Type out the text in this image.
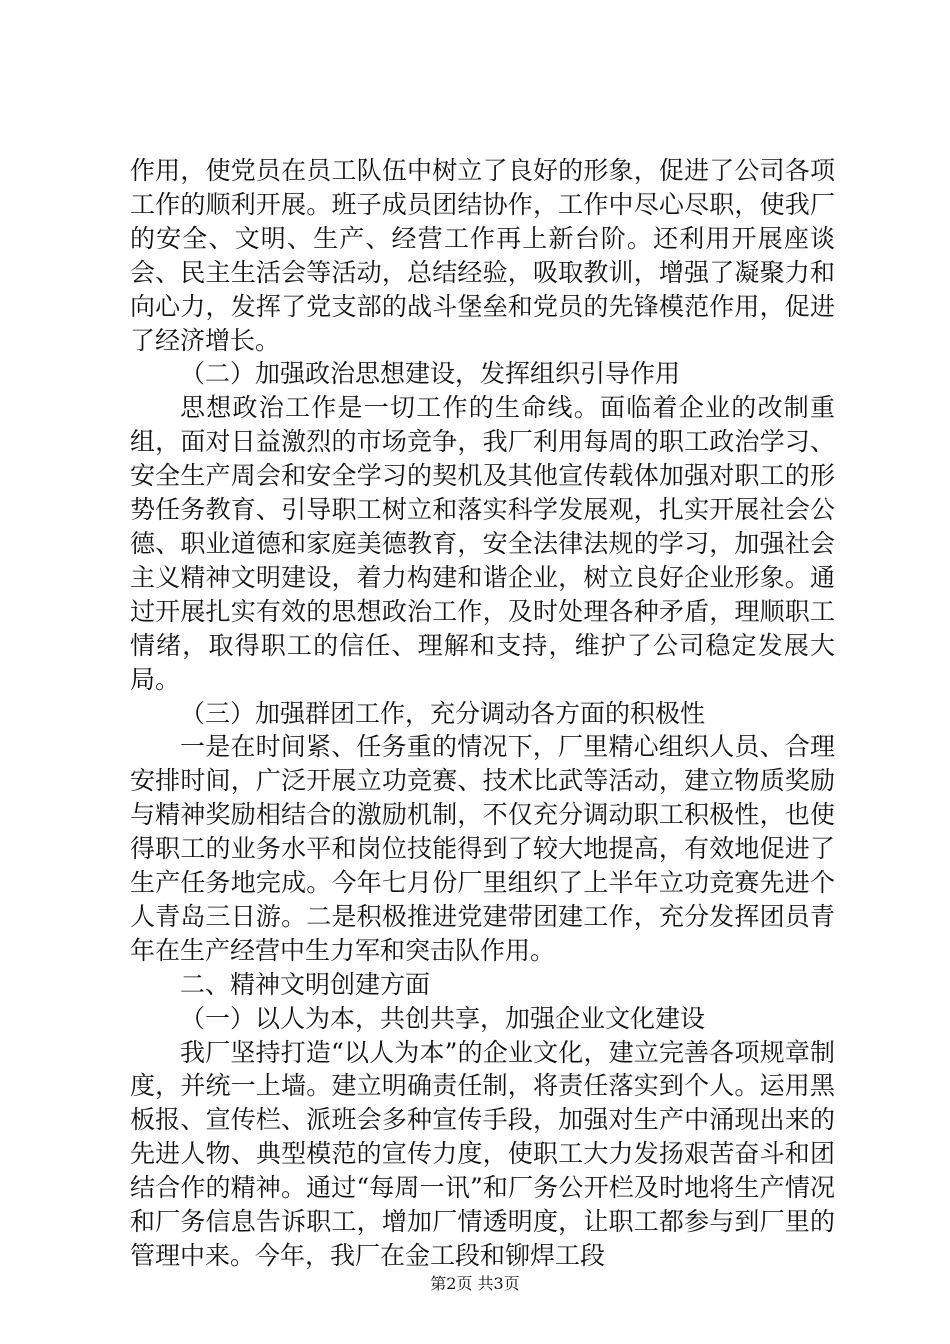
作用，使党员在员工队伍中树立了良好的形象，促进了公司各项工作的顺利开展。班子成员团结协作，工作中尽心尽职，使我厂的安全、文明、生产、经营工作再上新台阶。还利用开展座谈会、民主生活会等活动，总结经验，吸取教训，增强了凝聚力和向心力，发挥了党支部的战斗堡垒和党员的先锋模范作用，促进了经济增长。

（二）加强政治思想建设，发挥组织引导作用

思想政治工作是一切工作的生命线。面临着企业的改制重组，面对日益激烈的市场竞争，我厂利用每周的职工政治学习、安全生产周会和安全学习的契机及其他宣传载体加强对职工的形势任务教育、引导职工树立和落实科学发展观，扎实开展社会公德、职业道德和家庭美德教育，安全法律法规的学习，加强社会主义精神文明建设，着力构建和谐企业，树立良好企业形象。通过开展扎实有效的思想政治工作，及时处理各种矛盾，理顺职工情绪，取得职工的信任、理解和支持，维护了公司稳定发展大局。

（三）加强群团工作，充分调动各方面的积极性

一是在时间紧、任务重的情况下，厂里精心组织人员、合理安排时间，广泛开展立功竞赛、技术比武等活动，建立物质奖励与精神奖励相结合的激励机制，不仅充分调动职工积极性，也使得职工的业务水平和岗位技能得到了较大地提高，有效地促进了生产任务地完成。今年七月份厂里组织了上半年立功竞赛先进个人青岛三日游。二是积极推进党建带团建工作，充分发挥团员青年在生产经营中生力军和突击队作用。

二、精神文明创建方面

（一）以人为本，共创共享，加强企业文化建设

我厂坚持打造“以人为本”的企业文化，建立完善各项规章制度，并统一上墙。建立明确责任制，将责任落实到个人。运用黑板报、宣传栏、派班会多种宣传手段，加强对生产中涌现出来的先进人物、典型模范的宣传力度，使职工大力发扬艰苦奋斗和团结合作的精神。通过“每周一讯”和厂务公开栏及时地将生产情况和厂务信息告诉职工，增加厂情透明度，让职工都参与到厂里的管理中来。今年，我厂在金工段和铆焊工段

第2页 共3页
